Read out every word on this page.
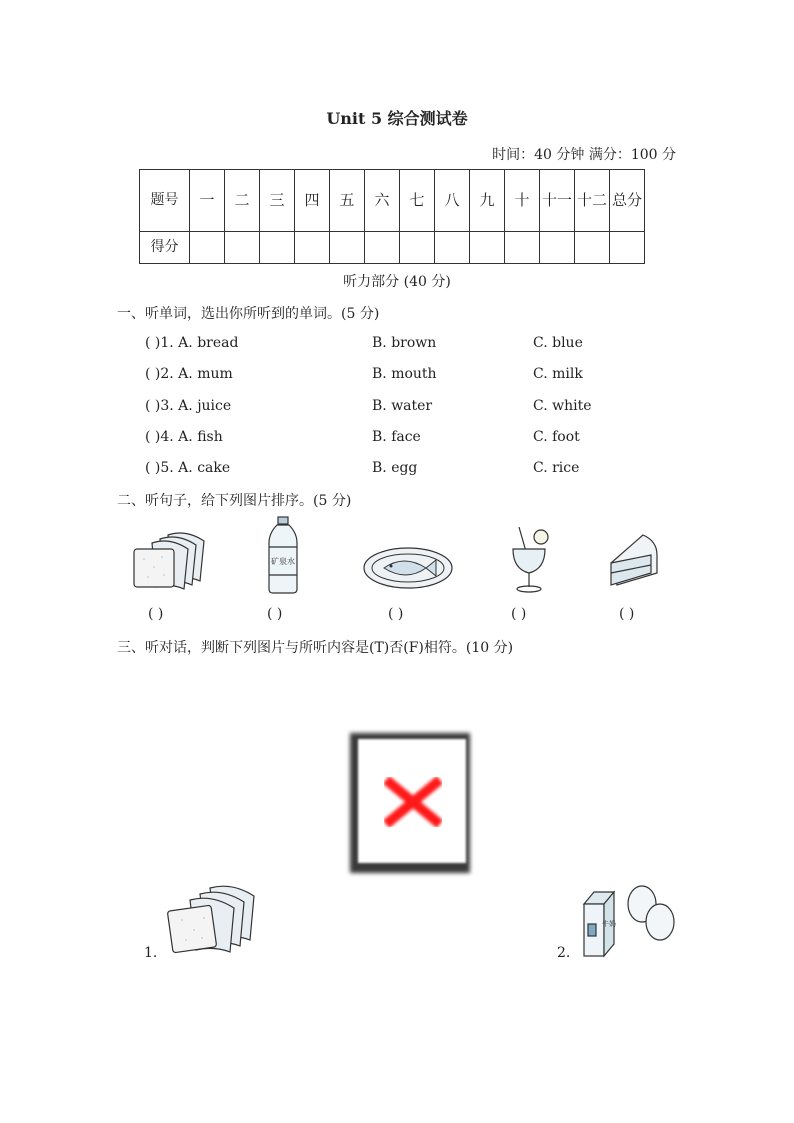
Unit 5 综合测试卷
时间：40 分钟 满分：100 分
题号	一	二	三	四	五	六	七	八	九	十	十一	十二	总分
得分													
听力部分 (40 分)
一、听单词，选出你所听到的单词。(5 分)
( )1. A. bread	B. brown	C. blue
( )2. A. mum	B. mouth	C. milk
( )3. A. juice	B. water	C. white
( )4. A. fish	B. face	C. foot
( )5. A. cake	B. egg	C. rice
二、听句子，给下列图片排序。(5 分)
矿泉水
( )	( )	( )	( )	( )
三、听对话，判断下列图片与所听内容是(T)否(F)相符。(10 分)
1.	2.
牛奶
